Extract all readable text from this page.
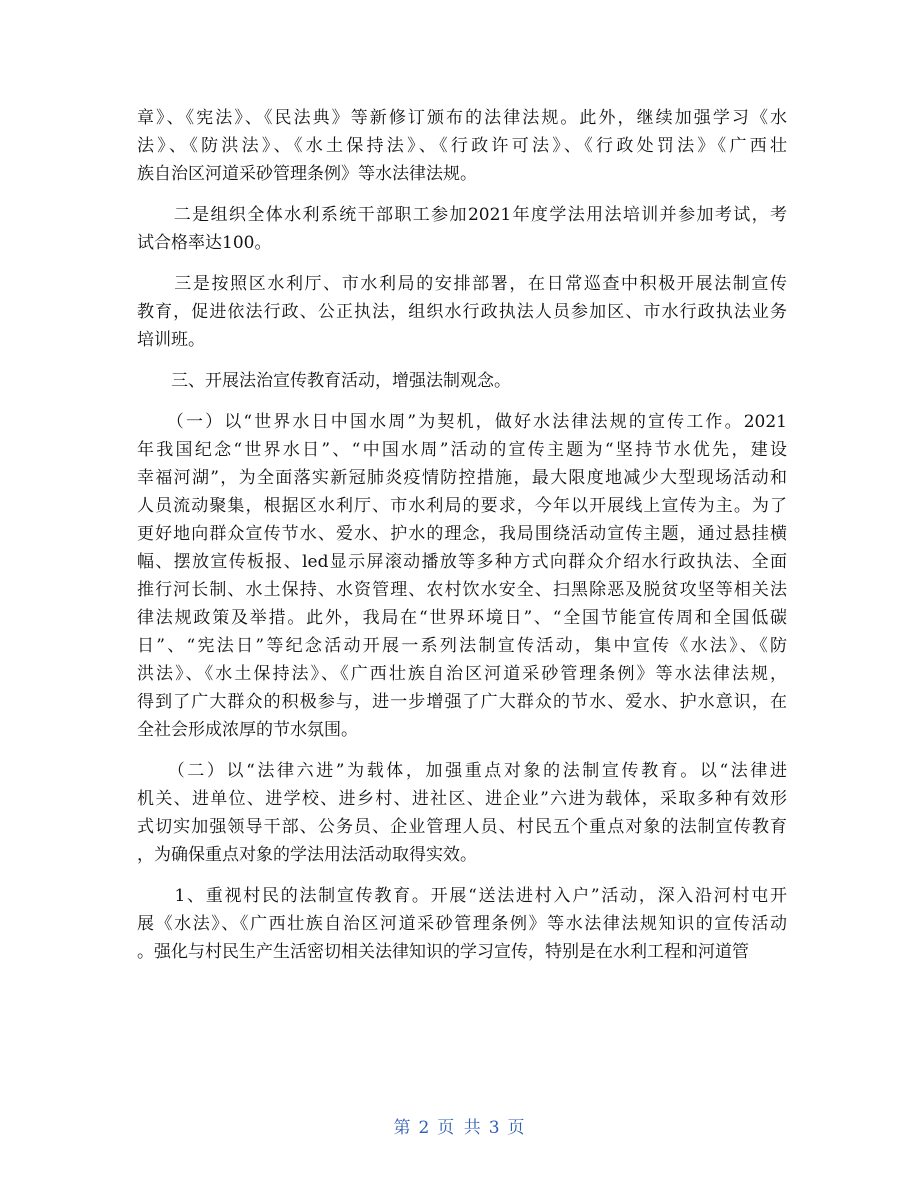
章》、《宪法》、《民法典》等新修订颁布的法律法规。此外，继续加强学习《水
法》、《防洪法》、《水土保持法》、《行政许可法》、《行政处罚法》《广西壮
族自治区河道采砂管理条例》等水法律法规。
　　二是组织全体水利系统干部职工参加2021年度学法用法培训并参加考试，考
试合格率达100。
　　三是按照区水利厅、市水利局的安排部署，在日常巡查中积极开展法制宣传
教育，促进依法行政、公正执法，组织水行政执法人员参加区、市水行政执法业务
培训班。
　　三、开展法治宣传教育活动，增强法制观念。
　　（一）以“世界水日中国水周”为契机，做好水法律法规的宣传工作。2021
年我国纪念“世界水日”、“中国水周”活动的宣传主题为“坚持节水优先，建设
幸福河湖”，为全面落实新冠肺炎疫情防控措施，最大限度地减少大型现场活动和
人员流动聚集，根据区水利厅、市水利局的要求，今年以开展线上宣传为主。为了
更好地向群众宣传节水、爱水、护水的理念，我局围绕活动宣传主题，通过悬挂横
幅、摆放宣传板报、led显示屏滚动播放等多种方式向群众介绍水行政执法、全面
推行河长制、水土保持、水资管理、农村饮水安全、扫黑除恶及脱贫攻坚等相关法
律法规政策及举措。此外，我局在“世界环境日”、“全国节能宣传周和全国低碳
日”、“宪法日”等纪念活动开展一系列法制宣传活动，集中宣传《水法》、《防
洪法》、《水土保持法》、《广西壮族自治区河道采砂管理条例》等水法律法规，
得到了广大群众的积极参与，进一步增强了广大群众的节水、爱水、护水意识，在
全社会形成浓厚的节水氛围。
　　（二）以“法律六进”为载体，加强重点对象的法制宣传教育。以“法律进
机关、进单位、进学校、进乡村、进社区、进企业”六进为载体，采取多种有效形
式切实加强领导干部、公务员、企业管理人员、村民五个重点对象的法制宣传教育
，为确保重点对象的学法用法活动取得实效。
　　1、重视村民的法制宣传教育。开展“送法进村入户”活动，深入沿河村屯开
展《水法》、《广西壮族自治区河道采砂管理条例》等水法律法规知识的宣传活动
。强化与村民生产生活密切相关法律知识的学习宣传，特别是在水利工程和河道管
第 2 页 共 3 页
